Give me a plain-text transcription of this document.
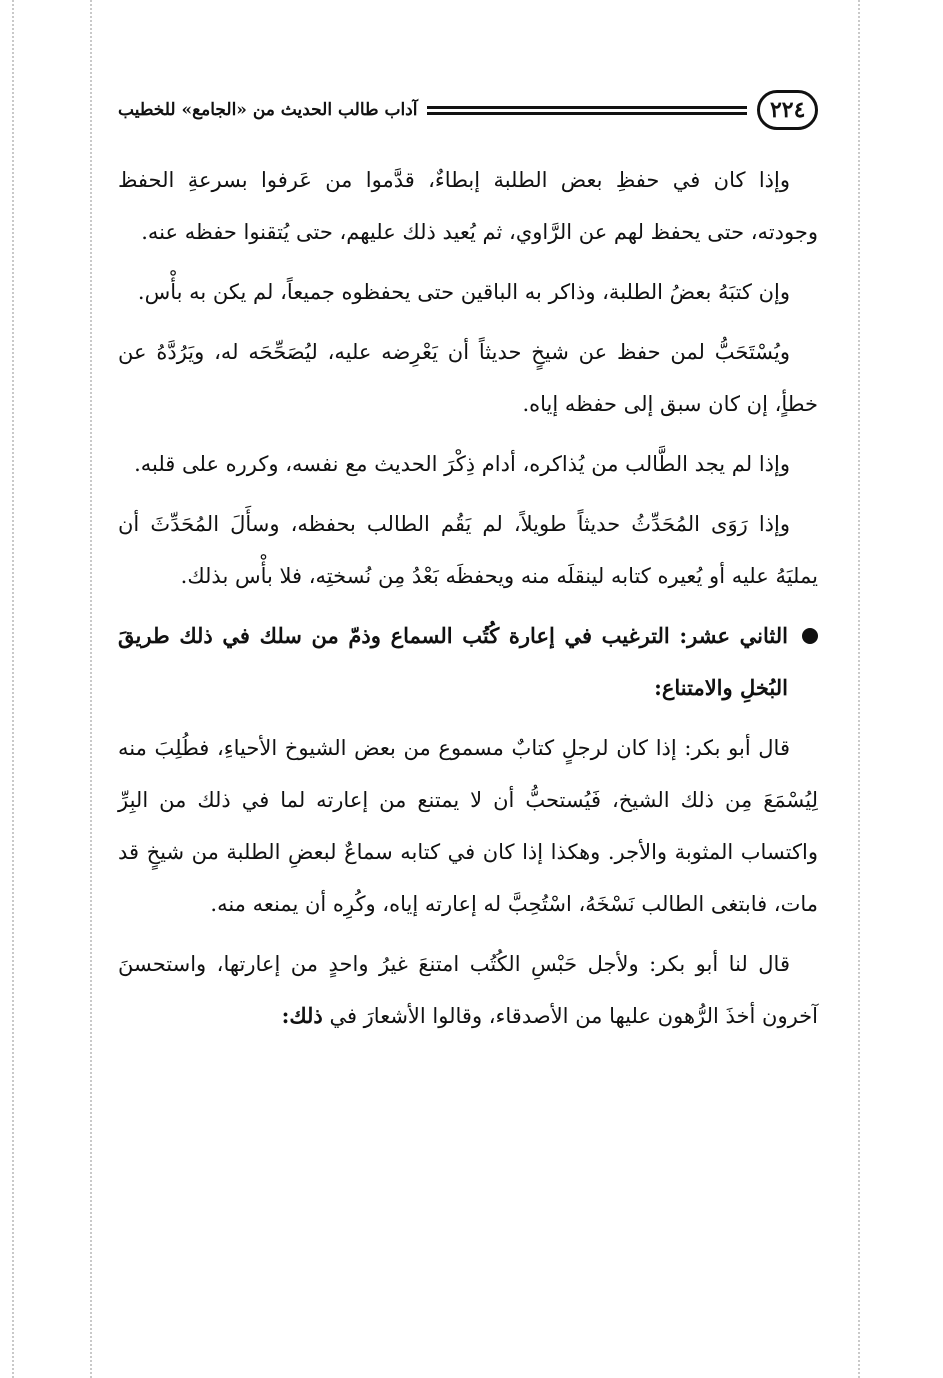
٢٢٤
آداب طالب الحديث من «الجامع» للخطيب

وإذا كان في حفظِ بعض الطلبة إبطاءٌ، قدَّموا من عَرفوا بسرعةِ الحفظ وجودته، حتى يحفظ لهم عن الرَّاوي، ثم يُعيد ذلك عليهم، حتى يُتقنوا حفظه عنه.

وإن كتبَهُ بعضُ الطلبة، وذاكر به الباقين حتى يحفظوه جميعاً، لم يكن به بأْس.

ويُسْتَحَبُّ لمن حفظ عن شيخٍ حديثاً أن يَعْرِضه عليه، ليُصَحِّحَه له، ويَرُدَّهُ عن خطأٍ، إن كان سبق إلى حفظه إياه.

وإذا لم يجد الطَّالب من يُذاكره، أدام ذِكْرَ الحديث مع نفسه، وكرره على قلبه.

وإذا رَوَى المُحَدِّثُ حديثاً طويلاً، لم يَقُم الطالب بحفظه، وسأَلَ المُحَدِّثَ أن يمليَهُ عليه أو يُعيره كتابه لينقلَه منه ويحفظَه بَعْدُ مِن نُسختِه، فلا بأْس بذلك.

الثاني عشر: الترغيب في إعارة كُتُب السماع وذمّ من سلك في ذلك طريقَ البُخلِ والامتناع:

قال أبو بكر: إذا كان لرجلٍ كتابٌ مسموع من بعض الشيوخ الأحياءِ، فطُلِبَ منه لِيُسْمَعَ مِن ذلك الشيخ، فَيُستحبُّ أن لا يمتنع من إعارته لما في ذلك من البِرِّ واكتساب المثوبة والأجر. وهكذا إذا كان في كتابه سماعٌ لبعضِ الطلبة من شيخٍ قد مات، فابتغى الطالب نَسْخَهُ، اسْتُحِبَّ له إعارته إياه، وكُرِه أن يمنعه منه.

قال لنا أبو بكر: ولأجل حَبْسِ الكُتُب امتنعَ غيرُ واحدٍ من إعارتها، واستحسنَ آخرون أخذَ الرُّهون عليها من الأصدقاء، وقالوا الأشعارَ في ذلك:
